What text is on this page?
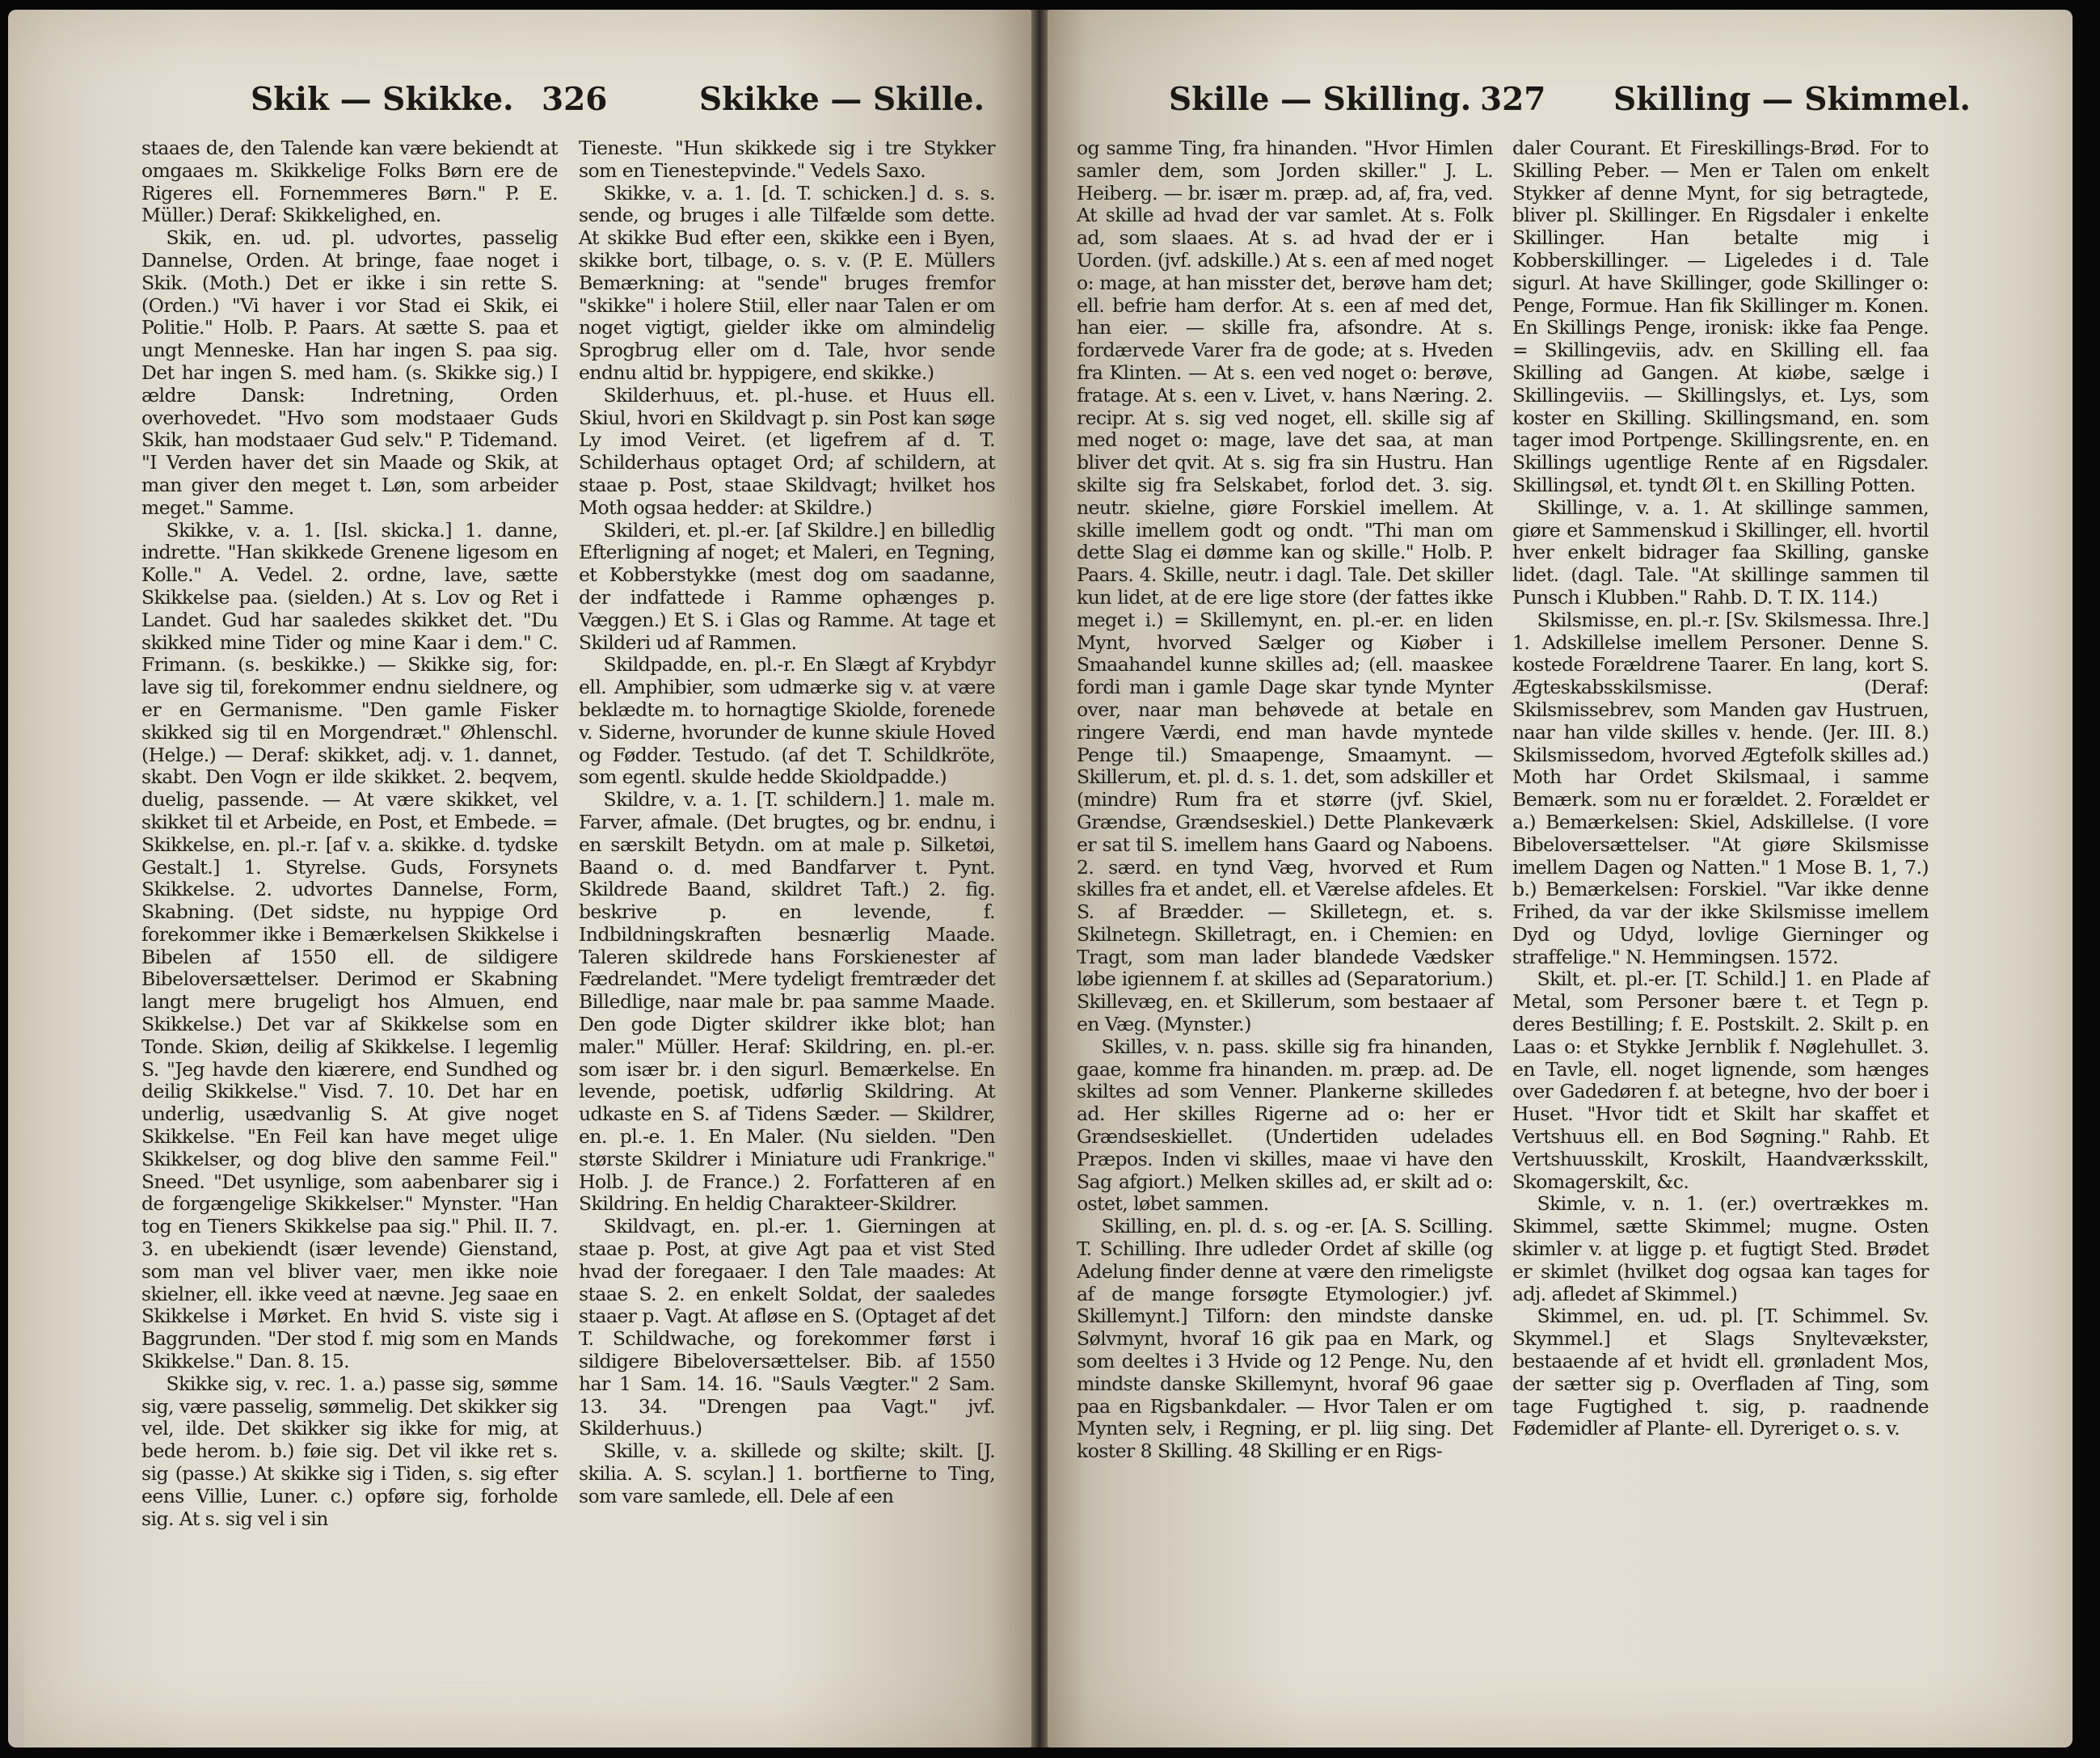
Skik — Skikke. 326	Skikke — Skille.

staaes de, den Talende kan være bekiendt at omgaaes m. Skikkelige Folks Børn ere de Rigeres ell. Fornemmeres Børn." P. E. Müller.) Deraf: Skikkelighed, en.

Skik, en. ud. pl. udvortes, passelig Dannelse, Orden. At bringe, faae noget i Skik. (Moth.) Det er ikke i sin rette S. (Orden.) "Vi haver i vor Stad ei Skik, ei Politie." Holb. P. Paars. At sætte S. paa et ungt Menneske. Han har ingen S. paa sig. Det har ingen S. med ham. (s. Skikke sig.) I ældre Dansk: Indretning, Orden overhovedet. "Hvo som modstaaer Guds Skik, han modstaaer Gud selv." P. Tidemand. "I Verden haver det sin Maade og Skik, at man giver den meget t. Løn, som arbeider meget." Samme.

Skikke, v. a. 1. [Isl. skicka.] 1. danne, indrette. "Han skikkede Grenene ligesom en Kolle." A. Vedel. 2. ordne, lave, sætte Skikkelse paa. (sielden.) At s. Lov og Ret i Landet. Gud har saaledes skikket det. "Du skikked mine Tider og mine Kaar i dem." C. Frimann. (s. beskikke.) — Skikke sig, for: lave sig til, forekommer endnu sieldnere, og er en Germanisme. "Den gamle Fisker skikked sig til en Morgendræt." Øhlenschl. (Helge.) — Deraf: skikket, adj. v. 1. dannet, skabt. Den Vogn er ilde skikket. 2. beqvem, duelig, passende. — At være skikket, vel skikket til et Arbeide, en Post, et Embede. = Skikkelse, en. pl.-r. [af v. a. skikke. d. tydske Gestalt.] 1. Styrelse. Guds, Forsynets Skikkelse. 2. udvortes Dannelse, Form, Skabning. (Det sidste, nu hyppige Ord forekommer ikke i Bemærkelsen Skikkelse i Bibelen af 1550 ell. de sildigere Bibeloversættelser. Derimod er Skabning langt mere brugeligt hos Almuen, end Skikkelse.) Det var af Skikkelse som en Tonde. Skiøn, deilig af Skikkelse. I legemlig S. "Jeg havde den kiærere, end Sundhed og deilig Skikkelse." Visd. 7. 10. Det har en underlig, usædvanlig S. At give noget Skikkelse. "En Feil kan have meget ulige Skikkelser, og dog blive den samme Feil." Sneed. "Det usynlige, som aabenbarer sig i de forgængelige Skikkelser." Mynster. "Han tog en Tieners Skikkelse paa sig." Phil. II. 7. 3. en ubekiendt (især levende) Gienstand, som man vel bliver vaer, men ikke noie skielner, ell. ikke veed at nævne. Jeg saae en Skikkelse i Mørket. En hvid S. viste sig i Baggrunden. "Der stod f. mig som en Mands Skikkelse." Dan. 8. 15.

Skikke sig, v. rec. 1. a.) passe sig, sømme sig, være passelig, sømmelig. Det skikker sig vel, ilde. Det skikker sig ikke for mig, at bede herom. b.) føie sig. Det vil ikke ret s. sig (passe.) At skikke sig i Tiden, s. sig efter eens Villie, Luner. c.) opføre sig, forholde sig. At s. sig vel i sin

Tieneste. "Hun skikkede sig i tre Stykker som en Tienestepvinde." Vedels Saxo.

Skikke, v. a. 1. [d. T. schicken.] d. s. s. sende, og bruges i alle Tilfælde som dette. At skikke Bud efter een, skikke een i Byen, skikke bort, tilbage, o. s. v. (P. E. Müllers Bemærkning: at "sende" bruges fremfor "skikke" i holere Stiil, eller naar Talen er om noget vigtigt, gielder ikke om almindelig Sprogbrug eller om d. Tale, hvor sende endnu altid br. hyppigere, end skikke.)

Skilderhuus, et. pl.-huse. et Huus ell. Skiul, hvori en Skildvagt p. sin Post kan søge Ly imod Veiret. (et ligefrem af d. T. Schilderhaus optaget Ord; af schildern, at staae p. Post, staae Skildvagt; hvilket hos Moth ogsaa hedder: at Skildre.)

Skilderi, et. pl.-er. [af Skildre.] en billedlig Efterligning af noget; et Maleri, en Tegning, et Kobberstykke (mest dog om saadanne, der indfattede i Ramme ophænges p. Væggen.) Et S. i Glas og Ramme. At tage et Skilderi ud af Rammen.

Skildpadde, en. pl.-r. En Slægt af Krybdyr ell. Amphibier, som udmærke sig v. at være beklædte m. to hornagtige Skiolde, forenede v. Siderne, hvorunder de kunne skiule Hoved og Fødder. Testudo. (af det T. Schildkröte, som egentl. skulde hedde Skioldpadde.)

Skildre, v. a. 1. [T. schildern.] 1. male m. Farver, afmale. (Det brugtes, og br. endnu, i en særskilt Betydn. om at male p. Silketøi, Baand o. d. med Bandfarver t. Pynt. Skildrede Baand, skildret Taft.) 2. fig. beskrive p. en levende, f. Indbildningskraften besnærlig Maade. Taleren skildrede hans Forskienester af Fædrelandet. "Mere tydeligt fremtræder det Billedlige, naar male br. paa samme Maade. Den gode Digter skildrer ikke blot; han maler." Müller. Heraf: Skildring, en. pl.-er. som især br. i den sigurl. Bemærkelse. En levende, poetisk, udførlig Skildring. At udkaste en S. af Tidens Sæder. — Skildrer, en. pl.-e. 1. En Maler. (Nu sielden. "Den største Skildrer i Miniature udi Frankrige." Holb. J. de France.) 2. Forfatteren af en Skildring. En heldig Charakteer-Skildrer.

Skildvagt, en. pl.-er. 1. Gierningen at staae p. Post, at give Agt paa et vist Sted hvad der foregaaer. I den Tale maades: At staae S. 2. en enkelt Soldat, der saaledes staaer p. Vagt. At afløse en S. (Optaget af det T. Schildwache, og forekommer først i sildigere Bibeloversættelser. Bib. af 1550 har 1 Sam. 14. 16. "Sauls Vægter." 2 Sam. 13. 34. "Drengen paa Vagt." jvf. Skilderhuus.)

Skille, v. a. skillede og skilte; skilt. [J. skilia. A. S. scylan.] 1. bortfierne to Ting, som vare samlede, ell. Dele af een

Skille — Skilling. 327 Skilling — Skimmel.

og samme Ting, fra hinanden. "Hvor Himlen samler dem, som Jorden skiller." J. L. Heiberg. — br. især m. præp. ad, af, fra, ved. At skille ad hvad der var samlet. At s. Folk ad, som slaaes. At s. ad hvad der er i Uorden. (jvf. adskille.) At s. een af med noget o: mage, at han misster det, berøve ham det; ell. befrie ham derfor. At s. een af med det, han eier. — skille fra, afsondre. At s. fordærvede Varer fra de gode; at s. Hveden fra Klinten. — At s. een ved noget o: berøve, fratage. At s. een v. Livet, v. hans Næring. 2. recipr. At s. sig ved noget, ell. skille sig af med noget o: mage, lave det saa, at man bliver det qvit. At s. sig fra sin Hustru. Han skilte sig fra Selskabet, forlod det. 3. sig. neutr. skielne, giøre Forskiel imellem. At skille imellem godt og ondt. "Thi man om dette Slag ei dømme kan og skille." Holb. P. Paars. 4. Skille, neutr. i dagl. Tale. Det skiller kun lidet, at de ere lige store (der fattes ikke meget i.) = Skillemynt, en. pl.-er. en liden Mynt, hvorved Sælger og Kiøber i Smaahandel kunne skilles ad; (ell. maaskee fordi man i gamle Dage skar tynde Mynter over, naar man behøvede at betale en ringere Værdi, end man havde myntede Penge til.) Smaapenge, Smaamynt. — Skillerum, et. pl. d. s. 1. det, som adskiller et (mindre) Rum fra et større (jvf. Skiel, Grændse, Grændseskiel.) Dette Plankeværk er sat til S. imellem hans Gaard og Naboens. 2. særd. en tynd Væg, hvorved et Rum skilles fra et andet, ell. et Værelse afdeles. Et S. af Brædder. — Skilletegn, et. s. Skilnetegn. Skilletragt, en. i Chemien: en Tragt, som man lader blandede Vædsker løbe igiennem f. at skilles ad (Separatorium.) Skillevæg, en. et Skillerum, som bestaaer af en Væg. (Mynster.)

Skilles, v. n. pass. skille sig fra hinanden, gaae, komme fra hinanden. m. præp. ad. De skiltes ad som Venner. Plankerne skilledes ad. Her skilles Rigerne ad o: her er Grændseskiellet. (Undertiden udelades Præpos. Inden vi skilles, maae vi have den Sag afgiort.) Melken skilles ad, er skilt ad o: ostet, løbet sammen.

Skilling, en. pl. d. s. og -er. [A. S. Scilling. T. Schilling. Ihre udleder Ordet af skille (og Adelung finder denne at være den rimeligste af de mange forsøgte Etymologier.) jvf. Skillemynt.] Tilforn: den mindste danske Sølvmynt, hvoraf 16 gik paa en Mark, og som deeltes i 3 Hvide og 12 Penge. Nu, den mindste danske Skillemynt, hvoraf 96 gaae paa en Rigsbankdaler. — Hvor Talen er om Mynten selv, i Regning, er pl. liig sing. Det koster 8 Skilling. 48 Skilling er en Rigs-

daler Courant. Et Fireskillings-Brød. For to Skilling Peber. — Men er Talen om enkelt Stykker af denne Mynt, for sig betragtede, bliver pl. Skillinger. En Rigsdaler i enkelte Skillinger. Han betalte mig i Kobberskillinger. — Ligeledes i d. Tale sigurl. At have Skillinger, gode Skillinger o: Penge, Formue. Han fik Skillinger m. Konen. En Skillings Penge, ironisk: ikke faa Penge. = Skillingeviis, adv. en Skilling ell. faa Skilling ad Gangen. At kiøbe, sælge i Skillingeviis. — Skillingslys, et. Lys, som koster en Skilling. Skillingsmand, en. som tager imod Portpenge. Skillingsrente, en. en Skillings ugentlige Rente af en Rigsdaler. Skillingsøl, et. tyndt Øl t. en Skilling Potten.

Skillinge, v. a. 1. At skillinge sammen, giøre et Sammenskud i Skillinger, ell. hvortil hver enkelt bidrager faa Skilling, ganske lidet. (dagl. Tale. "At skillinge sammen til Punsch i Klubben." Rahb. D. T. IX. 114.)

Skilsmisse, en. pl.-r. [Sv. Skilsmessa. Ihre.] 1. Adskillelse imellem Personer. Denne S. kostede Forældrene Taarer. En lang, kort S. Ægteskabsskilsmisse. (Deraf: Skilsmissebrev, som Manden gav Hustruen, naar han vilde skilles v. hende. (Jer. III. 8.) Skilsmissedom, hvorved Ægtefolk skilles ad.) Moth har Ordet Skilsmaal, i samme Bemærk. som nu er forældet. 2. Forældet er a.) Bemærkelsen: Skiel, Adskillelse. (I vore Bibeloversættelser. "At giøre Skilsmisse imellem Dagen og Natten." 1 Mose B. 1, 7.) b.) Bemærkelsen: Forskiel. "Var ikke denne Frihed, da var der ikke Skilsmisse imellem Dyd og Udyd, lovlige Gierninger og straffelige." N. Hemmingsen. 1572.

Skilt, et. pl.-er. [T. Schild.] 1. en Plade af Metal, som Personer bære t. et Tegn p. deres Bestilling; f. E. Postskilt. 2. Skilt p. en Laas o: et Stykke Jernblik f. Nøglehullet. 3. en Tavle, ell. noget lignende, som hænges over Gadedøren f. at betegne, hvo der boer i Huset. "Hvor tidt et Skilt har skaffet et Vertshuus ell. en Bod Søgning." Rahb. Et Vertshuusskilt, Kroskilt, Haandværksskilt, Skomagerskilt, &c.

Skimle, v. n. 1. (er.) overtrækkes m. Skimmel, sætte Skimmel; mugne. Osten skimler v. at ligge p. et fugtigt Sted. Brødet er skimlet (hvilket dog ogsaa kan tages for adj. afledet af Skimmel.)

Skimmel, en. ud. pl. [T. Schimmel. Sv. Skymmel.] et Slags Snyltevækster, bestaaende af et hvidt ell. grønladent Mos, der sætter sig p. Overfladen af Ting, som tage Fugtighed t. sig, p. raadnende Fødemidler af Plante- ell. Dyreriget o. s. v.
